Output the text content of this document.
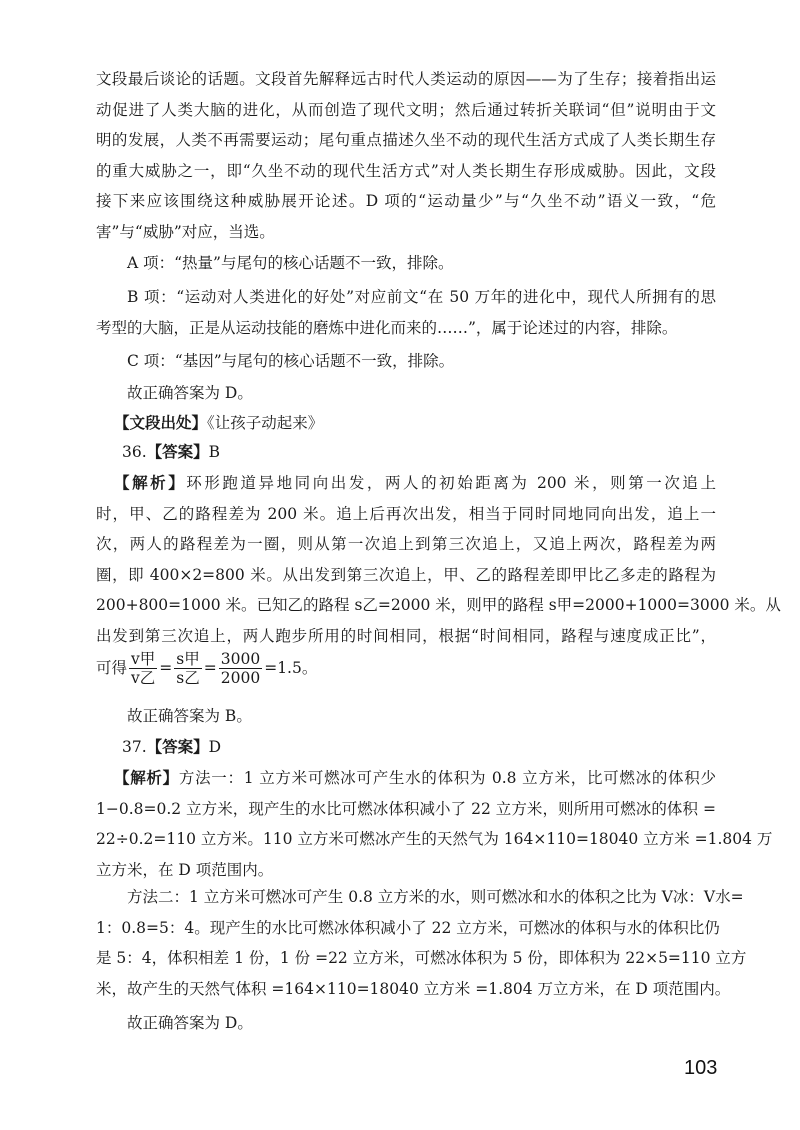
文段最后谈论的话题。文段首先解释远古时代人类运动的原因——为了生存；接着指出运
动促进了人类大脑的进化，从而创造了现代文明；然后通过转折关联词“但”说明由于文
明的发展，人类不再需要运动；尾句重点描述久坐不动的现代生活方式成了人类长期生存
的重大威胁之一，即“久坐不动的现代生活方式”对人类长期生存形成威胁。因此，文段
接下来应该围绕这种威胁展开论述。D 项的“运动量少”与“久坐不动”语义一致，“危
害”与“威胁”对应，当选。
A 项：“热量”与尾句的核心话题不一致，排除。
B 项：“运动对人类进化的好处”对应前文“在 50 万年的进化中，现代人所拥有的思
考型的大脑，正是从运动技能的磨炼中进化而来的……”，属于论述过的内容，排除。
C 项：“基因”与尾句的核心话题不一致，排除。
故正确答案为 D。
【文段出处】《让孩子动起来》
36.【答案】B
【解析】环形跑道异地同向出发，两人的初始距离为 200 米，则第一次追上
时，甲、乙的路程差为 200 米。追上后再次出发，相当于同时同地同向出发，追上一
次，两人的路程差为一圈，则从第一次追上到第三次追上，又追上两次，路程差为两
圈，即 400×2=800 米。从出发到第三次追上，甲、乙的路程差即甲比乙多走的路程为
200+800=1000 米。已知乙的路程 s乙=2000 米，则甲的路程 s甲=2000+1000=3000 米。从
出发到第三次追上，两人跑步所用的时间相同，根据“时间相同，路程与速度成正比”，
可得 $\frac{\text{v甲}}{\text{v乙}} = \frac{\text{s甲}}{\text{s乙}} = \frac{3000}{2000} =1.5$。
故正确答案为 B。
37.【答案】D
【解析】方法一：1 立方米可燃冰可产生水的体积为 0.8 立方米，比可燃冰的体积少
1−0.8=0.2 立方米，现产生的水比可燃冰体积减小了 22 立方米，则所用可燃冰的体积 =
22÷0.2=110 立方米。110 立方米可燃冰产生的天然气为 164×110=18040 立方米 =1.804 万
立方米，在 D 项范围内。
方法二：1 立方米可燃冰可产生 0.8 立方米的水，则可燃冰和水的体积之比为 V冰：V水=
1：0.8=5：4。现产生的水比可燃冰体积减小了 22 立方米，可燃冰的体积与水的体积比仍
是 5：4，体积相差 1 份，1 份 =22 立方米，可燃冰体积为 5 份，即体积为 22×5=110 立方
米，故产生的天然气体积 =164×110=18040 立方米 =1.804 万立方米，在 D 项范围内。
故正确答案为 D。
103
